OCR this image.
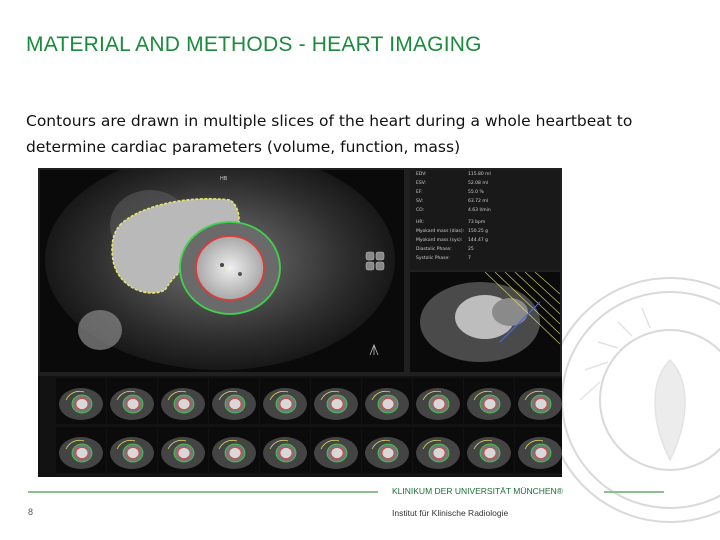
MATERIAL AND METHODS - HEART IMAGING
Contours are drawn in multiple slices of the heart during a whole heartbeat to determine cardiac parameters (volume, function, mass)
HB
EDV:	115.80 ml
ESV:	52.08 ml
EF:	55.0 %
SV:	63.72 ml
CO:	4.63 l/min
HR:	73 bpm
Myokard mass (dias): 150.25 g
Myokard mass (sys): 144.47 g
Diastolic Phase:	25
Systolic Phase:	7
KLINIKUM DER UNIVERSITÄT MÜNCHEN®
Institut für Klinische Radiologie
8
